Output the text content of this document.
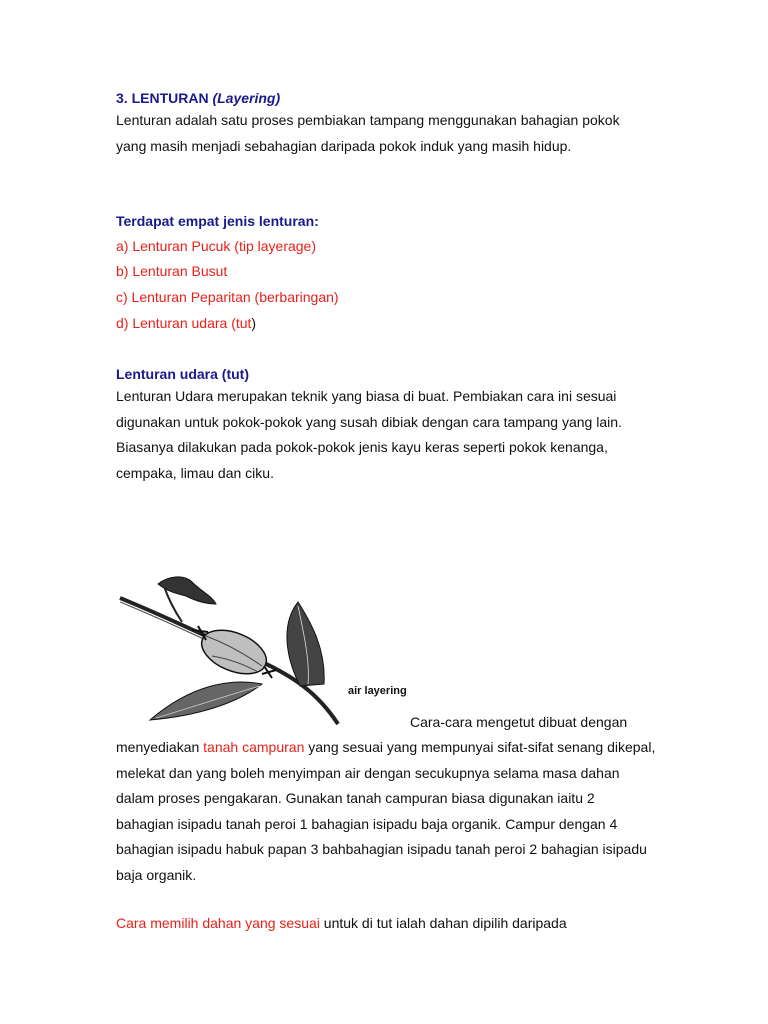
3. LENTURAN (Layering)

Lenturan adalah satu proses pembiakan tampang menggunakan bahagian pokok yang masih menjadi sebahagian daripada pokok induk yang masih hidup.

Terdapat empat jenis lenturan:

a) Lenturan Pucuk (tip layerage)

b) Lenturan Busut

c) Lenturan Peparitan (berbaringan)

d) Lenturan udara (tut)

Lenturan udara (tut)

Lenturan Udara merupakan teknik yang biasa di buat. Pembiakan cara ini sesuai digunakan untuk pokok-pokok yang susah dibiak dengan cara tampang yang lain. Biasanya dilakukan pada pokok-pokok jenis kayu keras seperti pokok kenanga, cempaka, limau dan ciku.

air layering

Cara-cara mengetut dibuat dengan

menyediakan tanah campuran yang sesuai yang mempunyai sifat-sifat senang dikepal, melekat dan yang boleh menyimpan air dengan secukupnya selama masa dahan dalam proses pengakaran. Gunakan tanah campuran biasa digunakan iaitu 2 bahagian isipadu tanah peroi 1 bahagian isipadu baja organik. Campur dengan 4 bahagian isipadu habuk papan 3 bahbahagian isipadu tanah peroi 2 bahagian isipadu baja organik.

Cara memilih dahan yang sesuai untuk di tut ialah dahan dipilih daripada
